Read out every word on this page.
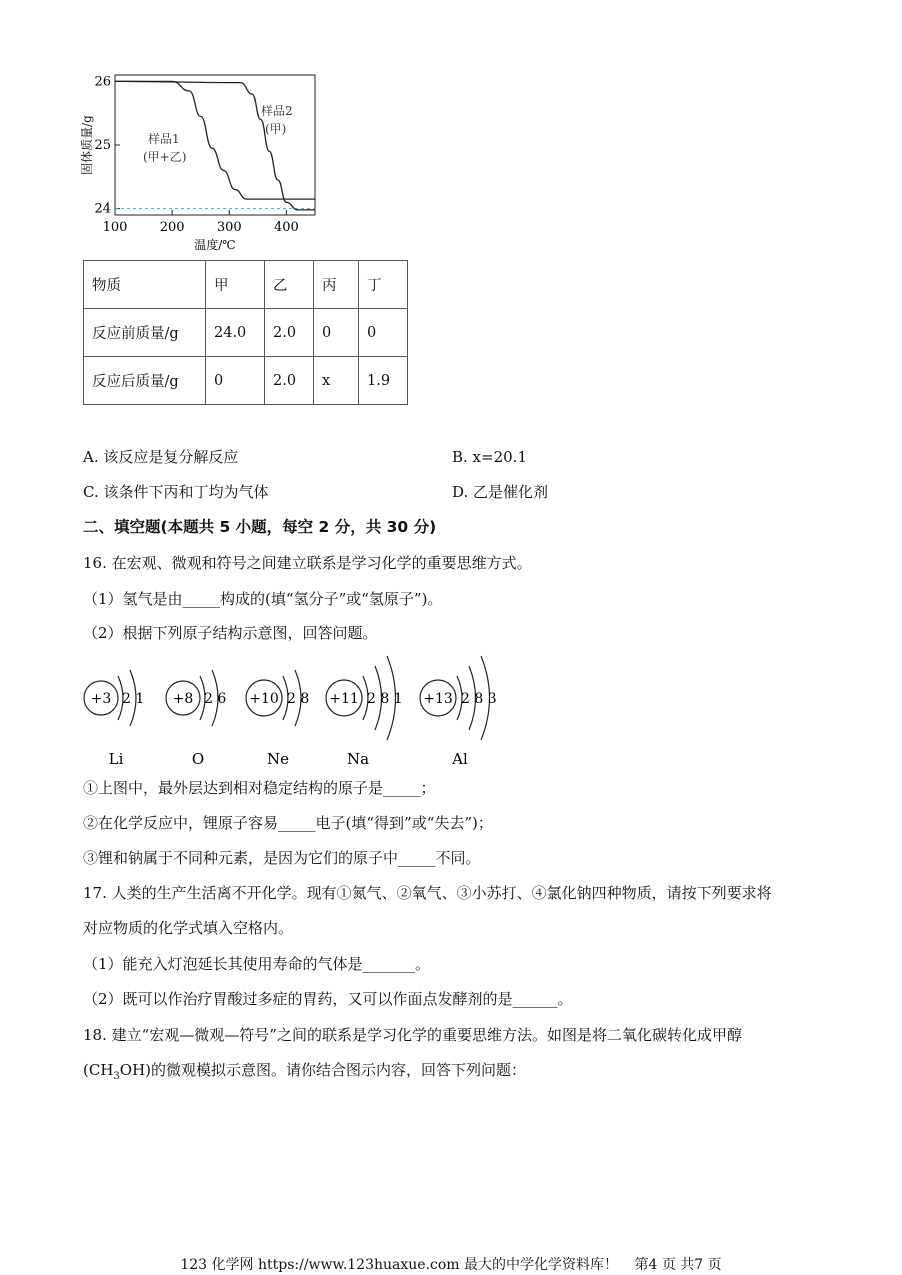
固体质量/g
24
25
26
100 200 300 400
样品1
(甲+乙)
样品2
(甲)
温度/℃
物质	甲	乙	丙	丁
反应前质量/g	24.0	2.0	0	0
反应后质量/g	0	2.0	x	1.9
A. 该反应是复分解反应	B. x=20.1
C. 该条件下丙和丁均为气体	D. 乙是催化剂
二、填空题(本题共 5 小题，每空 2 分，共 30 分)
16. 在宏观、微观和符号之间建立联系是学习化学的重要思维方式。
（1）氢气是由_____构成的(填“氢分子”或“氢原子”)。
（2）根据下列原子结构示意图，回答问题。
+3 2 1
Li
+8 2 6
O
+10 2 8
Ne
+11 2 8 1
Na
+13 2 8 3
Al
①上图中，最外层达到相对稳定结构的原子是_____；
②在化学反应中，锂原子容易_____电子(填“得到”或“失去”)；
③锂和钠属于不同种元素，是因为它们的原子中_____不同。
17. 人类的生产生活离不开化学。现有①氮气、②氧气、③小苏打、④氯化钠四种物质，请按下列要求将
对应物质的化学式填入空格内。
（1）能充入灯泡延长其使用寿命的气体是_______。
（2）既可以作治疗胃酸过多症的胃药，又可以作面点发酵剂的是______。
18. 建立“宏观—微观—符号”之间的联系是学习化学的重要思维方法。如图是将二氧化碳转化成甲醇
$(CH_3OH)$的微观模拟示意图。请你结合图示内容，回答下列问题：
123 化学网 https://www.123huaxue.com 最大的中学化学资料库！ 第4 页 共7 页
